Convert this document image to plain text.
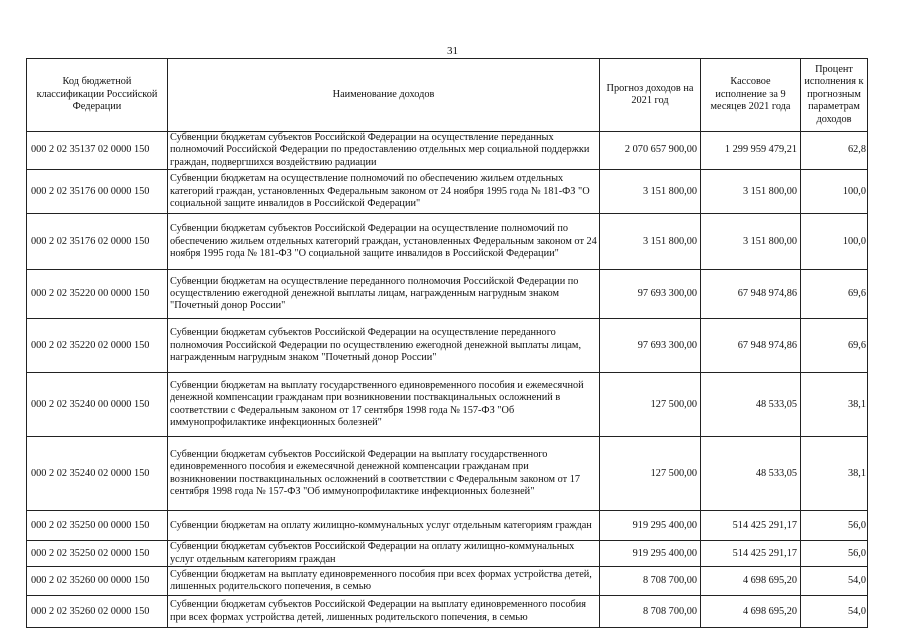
31
Код бюджетной классификации Российской Федерации	Наименование доходов	Прогноз доходов на 2021 год	Кассовое исполнение за 9 месяцев 2021 года	Процент исполнения к прогнозным параметрам доходов
000 2 02 35137 02 0000 150	Субвенции бюджетам субъектов Российской Федерации на осуществление переданных полномочий Российской Федерации по предоставлению отдельных мер социальной поддержки граждан, подвергшихся воздействию радиации	2 070 657 900,00	1 299 959 479,21	62,8
000 2 02 35176 00 0000 150	Субвенции бюджетам на осуществление полномочий по обеспечению жильем отдельных категорий граждан, установленных Федеральным законом от 24 ноября 1995 года № 181-ФЗ "О социальной защите инвалидов в Российской Федерации"	3 151 800,00	3 151 800,00	100,0
000 2 02 35176 02 0000 150	Субвенции бюджетам субъектов Российской Федерации на осуществление полномочий по обеспечению жильем отдельных категорий граждан, установленных Федеральным законом от 24 ноября 1995 года № 181-ФЗ "О социальной защите инвалидов в Российской Федерации"	3 151 800,00	3 151 800,00	100,0
000 2 02 35220 00 0000 150	Субвенции бюджетам на осуществление переданного полномочия Российской Федерации по осуществлению ежегодной денежной выплаты лицам, награжденным нагрудным знаком "Почетный донор России"	97 693 300,00	67 948 974,86	69,6
000 2 02 35220 02 0000 150	Субвенции бюджетам субъектов Российской Федерации на осуществление переданного полномочия Российской Федерации по осуществлению ежегодной денежной выплаты лицам, награжденным нагрудным знаком "Почетный донор России"	97 693 300,00	67 948 974,86	69,6
000 2 02 35240 00 0000 150	Субвенции бюджетам на выплату государственного единовременного пособия и ежемесячной денежной компенсации гражданам при возникновении поствакцинальных осложнений в соответствии с Федеральным законом от 17 сентября 1998 года № 157-ФЗ "Об иммунопрофилактике инфекционных болезней"	127 500,00	48 533,05	38,1
000 2 02 35240 02 0000 150	Субвенции бюджетам субъектов Российской Федерации на выплату государственного единовременного пособия и ежемесячной денежной компенсации гражданам при возникновении поствакцинальных осложнений в соответствии с Федеральным законом от 17 сентября 1998 года № 157-ФЗ "Об иммунопрофилактике инфекционных болезней"	127 500,00	48 533,05	38,1
000 2 02 35250 00 0000 150	Субвенции бюджетам на оплату жилищно-коммунальных услуг отдельным категориям граждан	919 295 400,00	514 425 291,17	56,0
000 2 02 35250 02 0000 150	Субвенции бюджетам субъектов Российской Федерации на оплату жилищно-коммунальных услуг отдельным категориям граждан	919 295 400,00	514 425 291,17	56,0
000 2 02 35260 00 0000 150	Субвенции бюджетам на выплату единовременного пособия при всех формах устройства детей, лишенных родительского попечения, в семью	8 708 700,00	4 698 695,20	54,0
000 2 02 35260 02 0000 150	Субвенции бюджетам субъектов Российской Федерации на выплату единовременного пособия при всех формах устройства детей, лишенных родительского попечения, в семью	8 708 700,00	4 698 695,20	54,0
